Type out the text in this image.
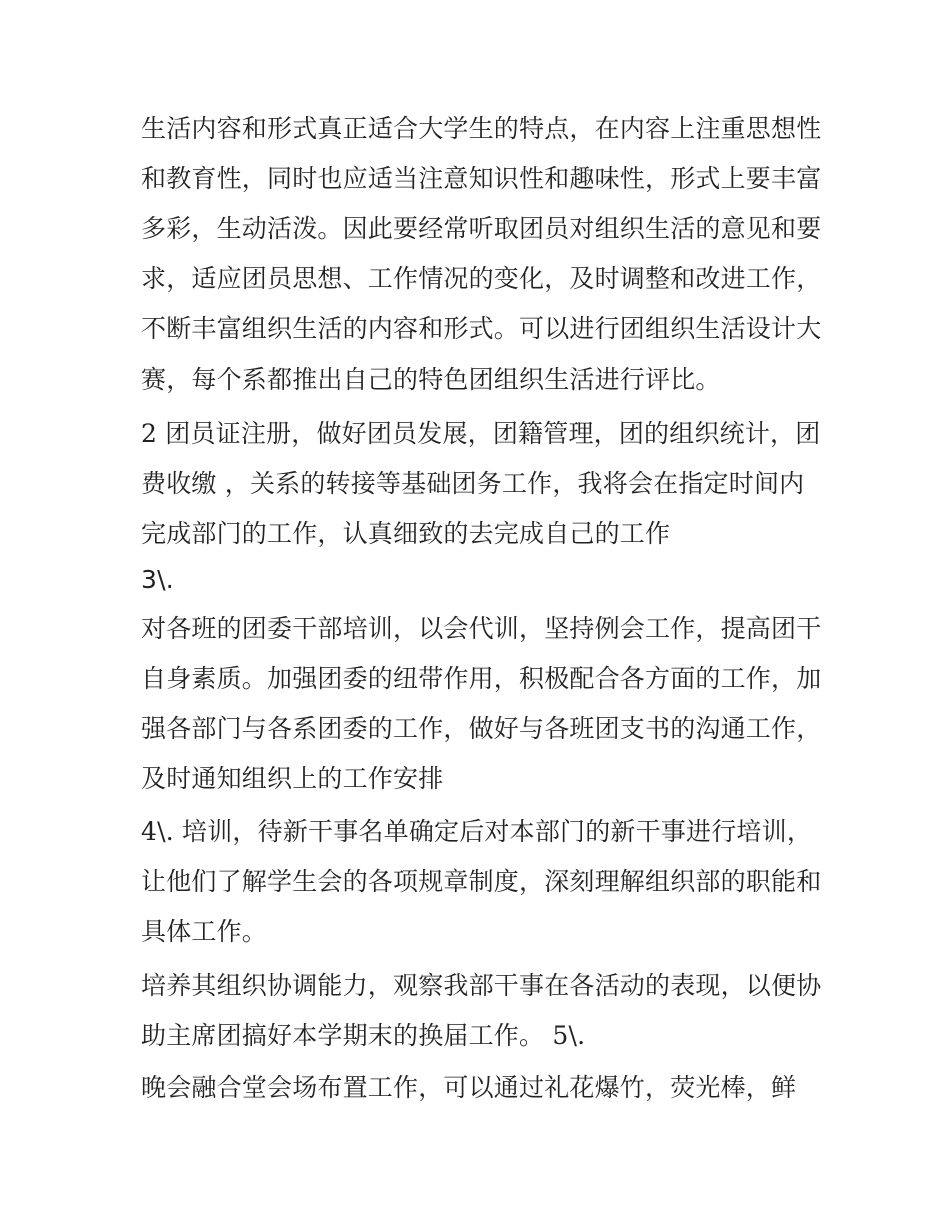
生活内容和形式真正适合大学生的特点，在内容上注重思想性

和教育性，同时也应适当注意知识性和趣味性，形式上要丰富

多彩，生动活泼。因此要经常听取团员对组织生活的意见和要

求，适应团员思想、工作情况的变化，及时调整和改进工作，

不断丰富组织生活的内容和形式。可以进行团组织生活设计大

赛，每个系都推出自己的特色团组织生活进行评比。

2 团员证注册，做好团员发展，团籍管理，团的组织统计，团

费收缴 ，关系的转接等基础团务工作，我将会在指定时间内

完成部门的工作，认真细致的去完成自己的工作

3\.

对各班的团委干部培训，以会代训，坚持例会工作，提高团干

自身素质。加强团委的纽带作用，积极配合各方面的工作，加

强各部门与各系团委的工作，做好与各班团支书的沟通工作，

及时通知组织上的工作安排

4\. 培训，待新干事名单确定后对本部门的新干事进行培训，

让他们了解学生会的各项规章制度，深刻理解组织部的职能和

具体工作。

培养其组织协调能力，观察我部干事在各活动的表现，以便协

助主席团搞好本学期末的换届工作。 5\.

晚会融合堂会场布置工作，可以通过礼花爆竹，荧光棒，鲜
